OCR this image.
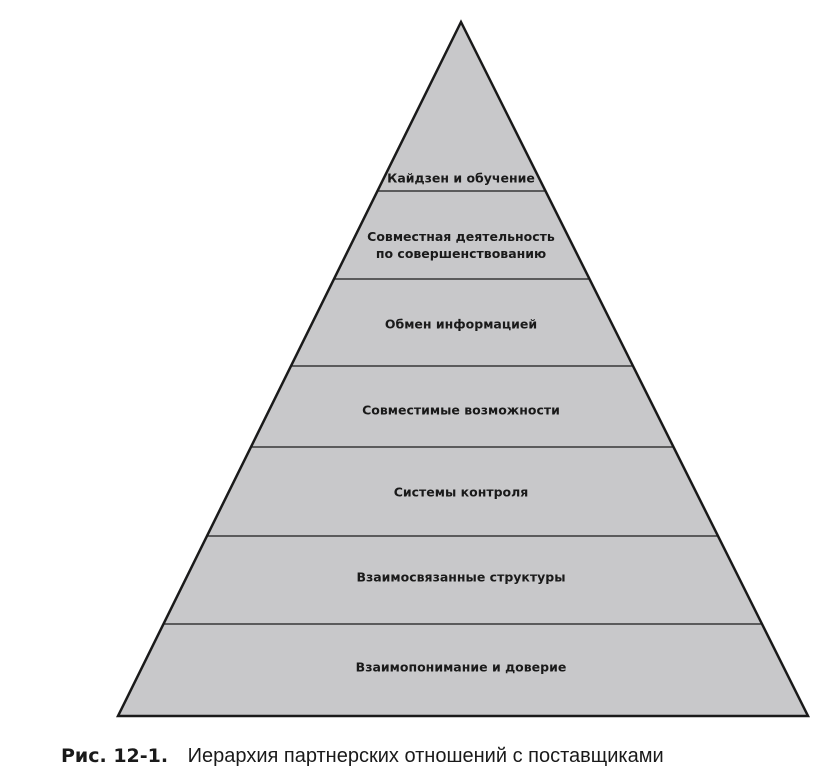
Кайдзен и обучение
Совместная деятельность по совершенствованию
Обмен информацией
Совместимые возможности
Системы контроля
Взаимосвязанные структуры
Взаимопонимание и доверие
Рис. 12-1. Иерархия партнерских отношений с поставщиками
